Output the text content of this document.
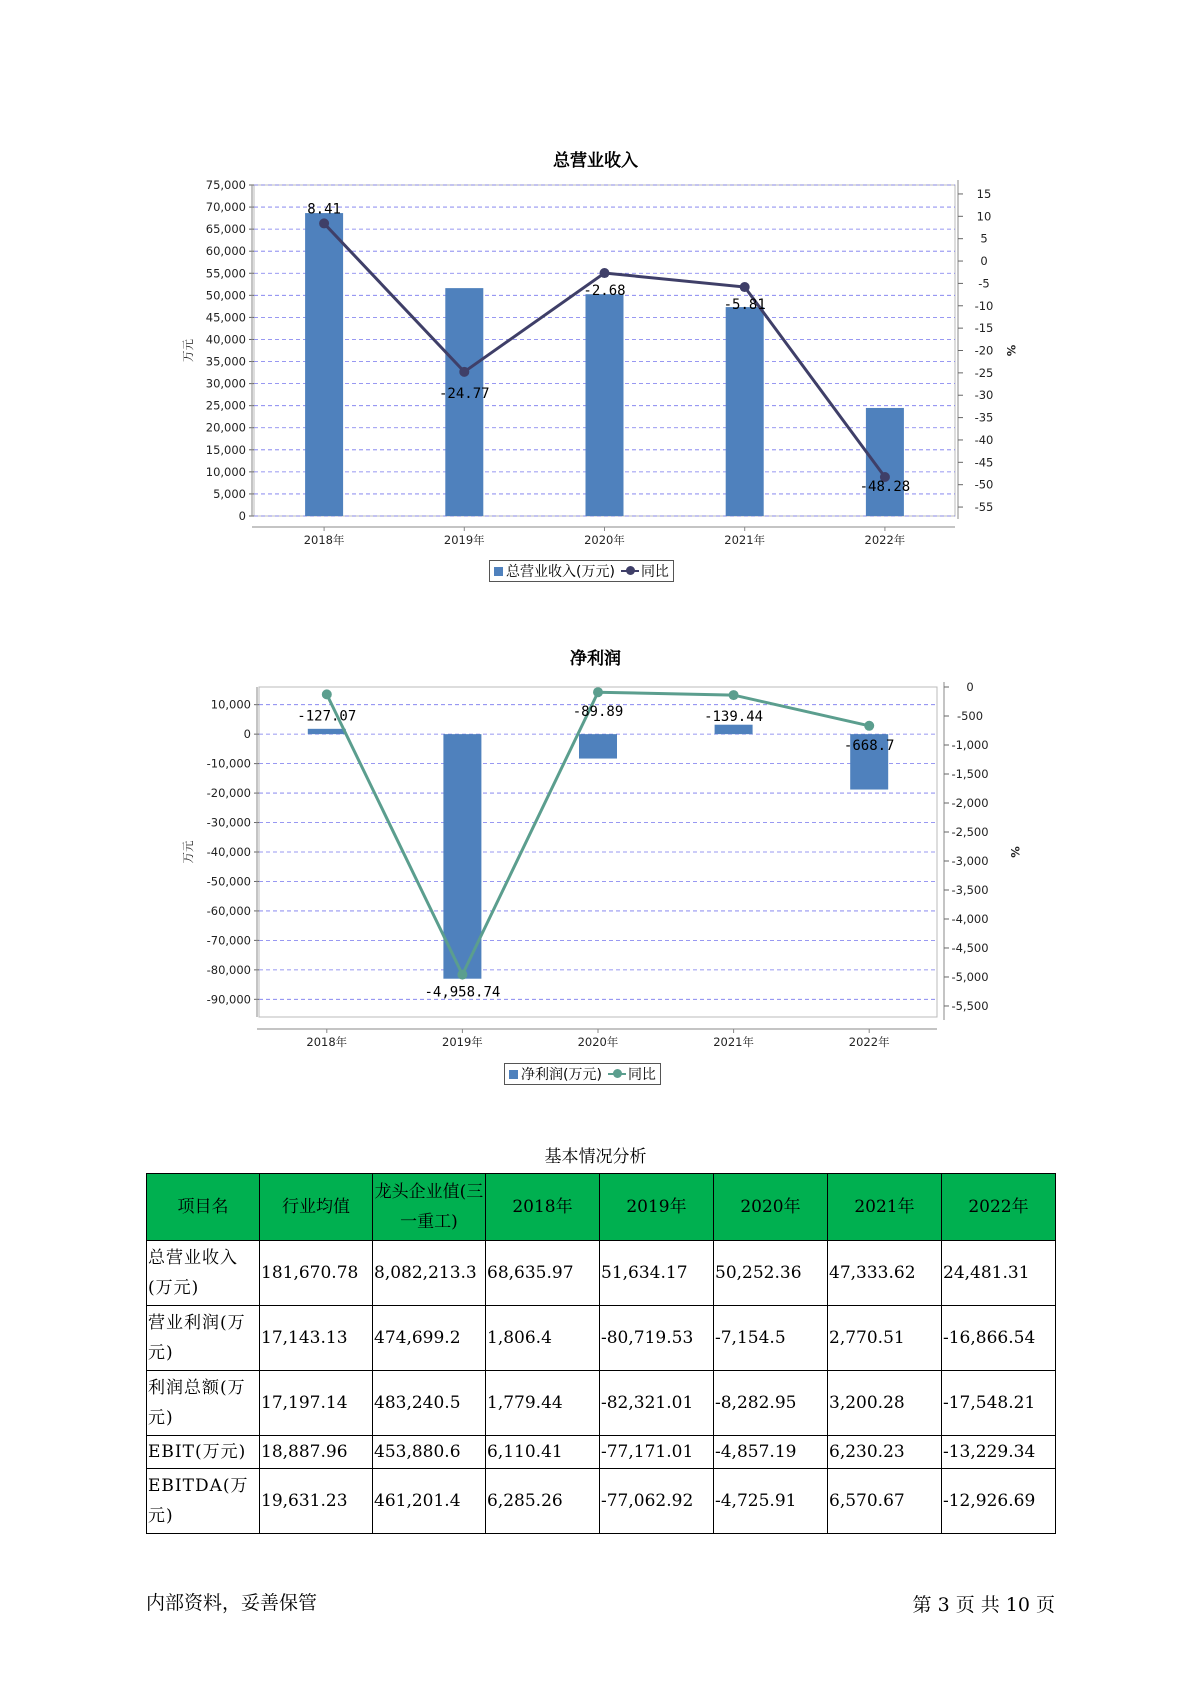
总营业收入
0
5,000
10,000
15,000
20,000
25,000
30,000
35,000
40,000
45,000
50,000
55,000
60,000
65,000
70,000
75,000
15
10
5
0
-5
-10
-15
-20
-25
-30
-35
-40
-45
-50
-55
万元	%
2018年	2019年	2020年	2021年	2022年
8.41
-24.77
-2.68
-5.81
-48.28
总营业收入(万元) 同比
净利润
10,000
0
-10,000
-20,000
-30,000
-40,000
-50,000
-60,000
-70,000
-80,000
-90,000
0
-500
-1,000
-1,500
-2,000
-2,500
-3,000
-3,500
-4,000
-4,500
-5,000
-5,500
万元	%
2018年	2019年	2020年	2021年	2022年
-127.07
-4,958.74
-89.89	-139.44
-668.7
净利润(万元) 同比
基本情况分析
项目名	行业均值	龙头企业值(三一重工)	2018年	2019年	2020年	2021年	2022年
总营业收入(万元)	181,670.78	8,082,213.3	68,635.97	51,634.17	50,252.36	47,333.62	24,481.31
营业利润(万元)	17,143.13	474,699.2	1,806.4	-80,719.53	-7,154.5	2,770.51	-16,866.54
利润总额(万元)	17,197.14	483,240.5	1,779.44	-82,321.01	-8,282.95	3,200.28	-17,548.21
EBIT(万元)	18,887.96	453,880.6	6,110.41	-77,171.01	-4,857.19	6,230.23	-13,229.34
EBITDA(万元)	19,631.23	461,201.4	6,285.26	-77,062.92	-4,725.91	6,570.67	-12,926.69
内部资料，妥善保管	第 3 页 共 10 页
